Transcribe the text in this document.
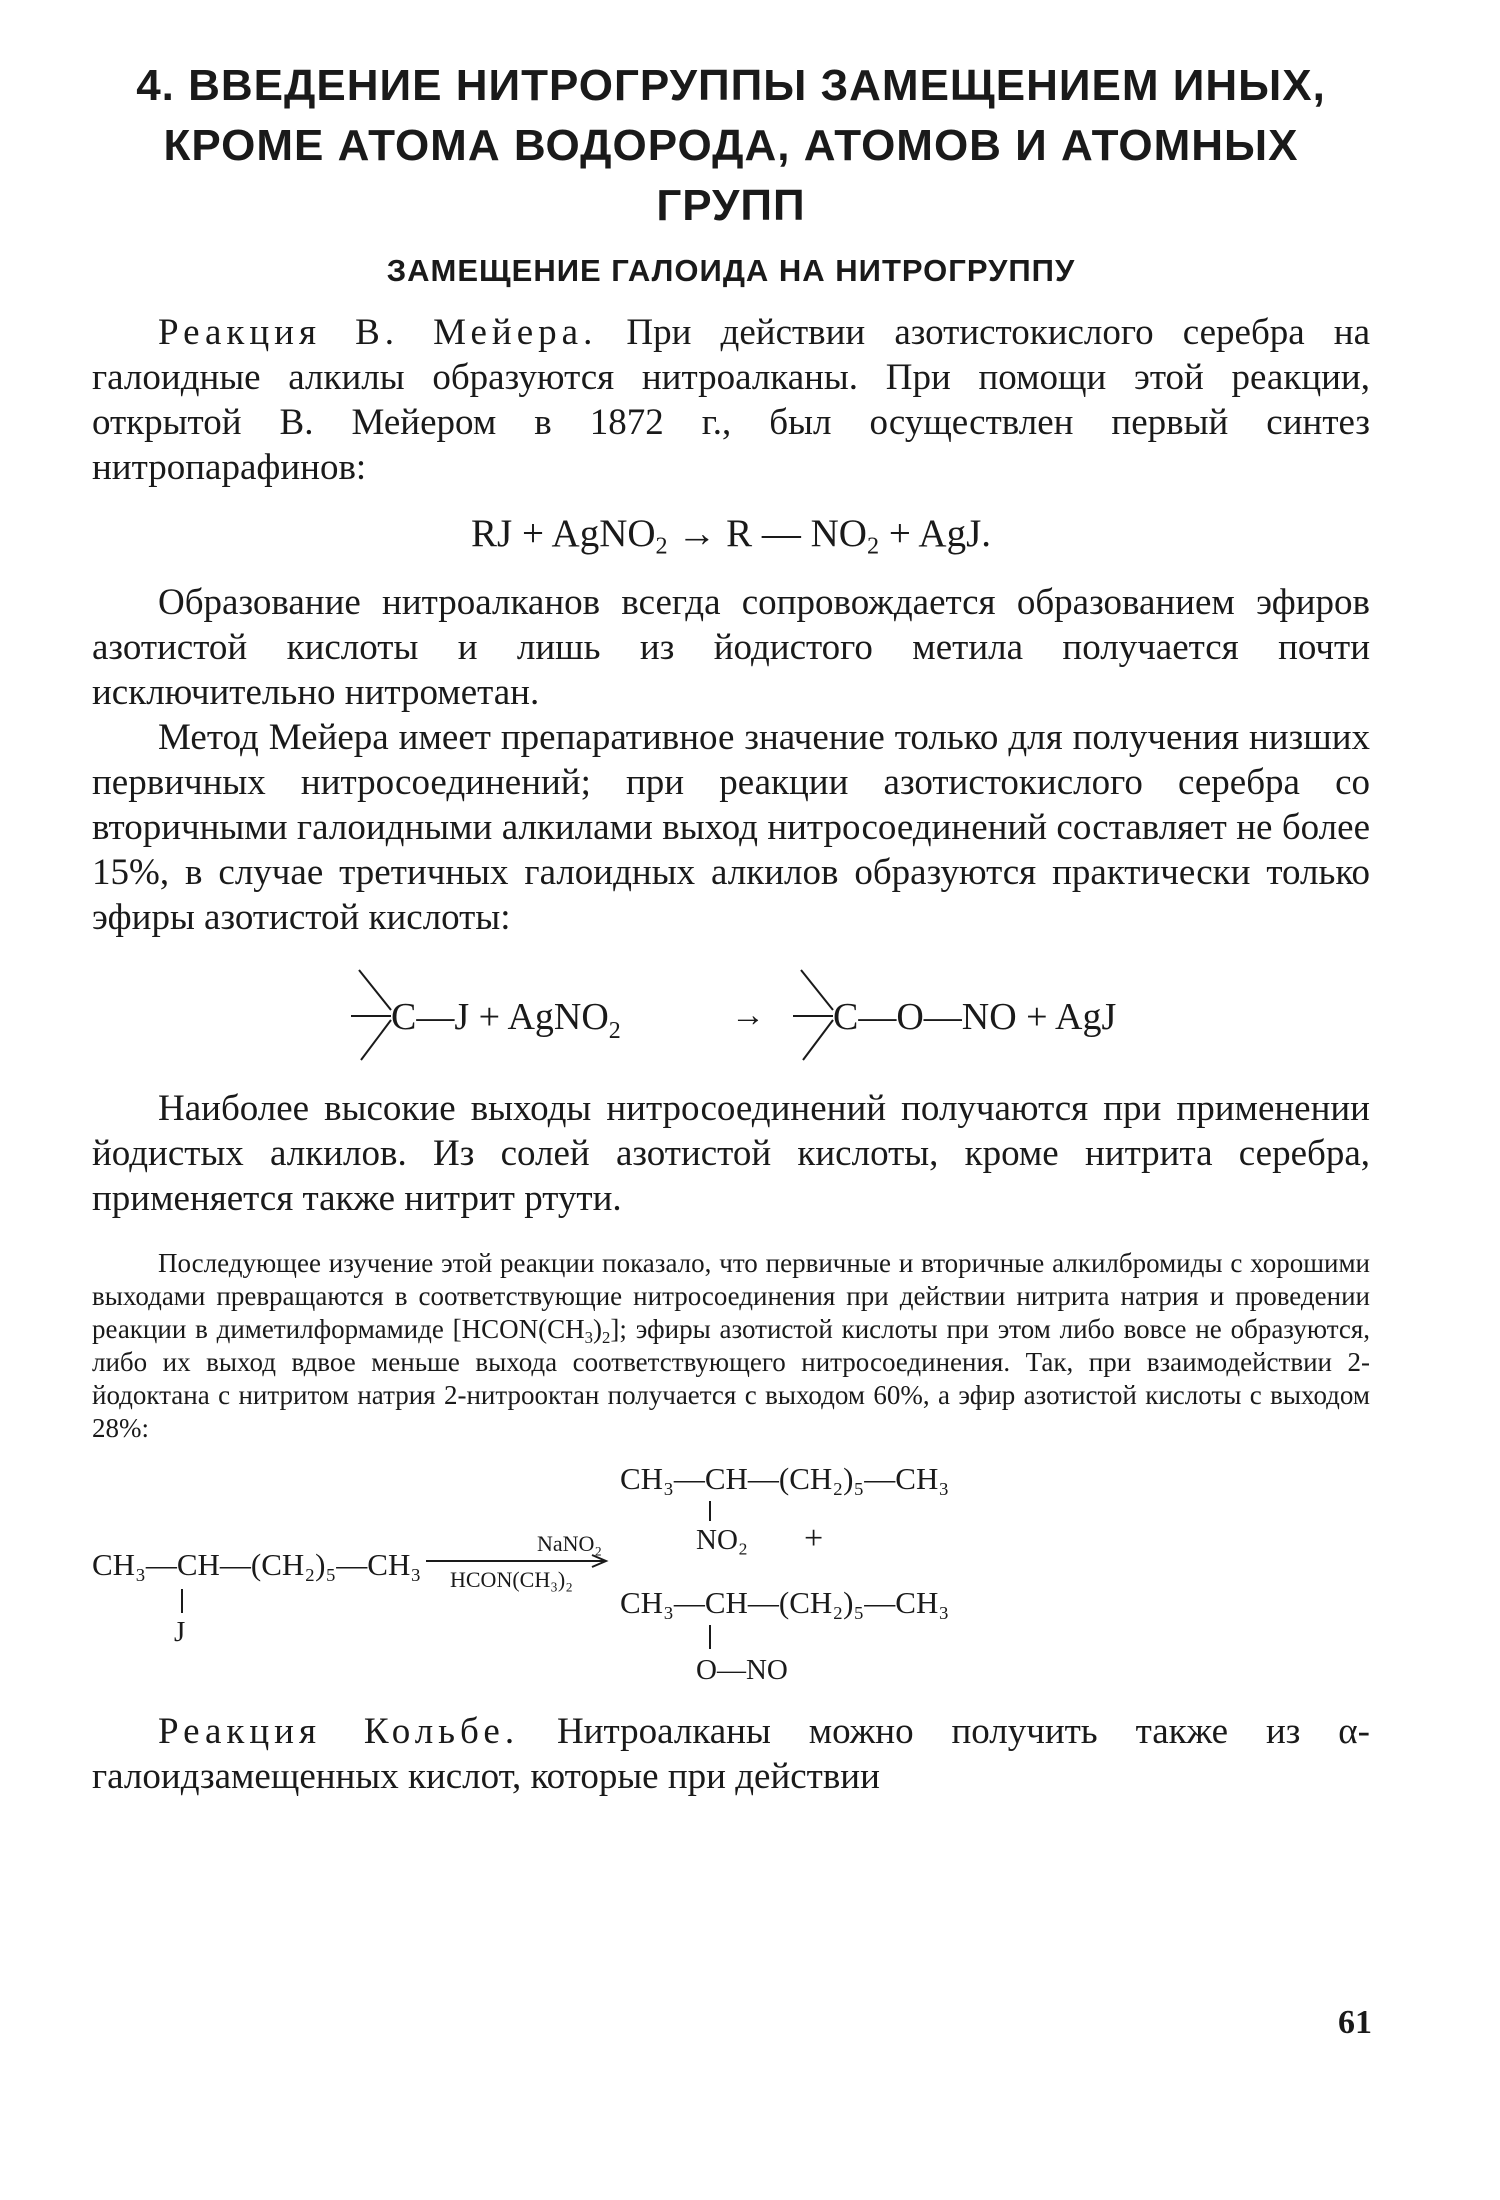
4. ВВЕДЕНИЕ НИТРОГРУППЫ ЗАМЕЩЕНИЕМ ИНЫХ,
КРОМЕ АТОМА ВОДОРОДА, АТОМОВ И АТОМНЫХ
ГРУПП
ЗАМЕЩЕНИЕ ГАЛОИДА НА НИТРОГРУППУ

Реакция В. Мейера. При действии азотистокислого серебра на галоидные алкилы образуются нитроалканы. При помощи этой реакции, открытой В. Мейером в 1872 г., был осуществлен первый синтез нитропарафинов:

RJ + AgNO$_2$ → R — $NO_2$ + AgJ.

Образование нитроалканов всегда сопровождается образованием эфиров азотистой кислоты и лишь из йодистого метила получается почти исключительно нитрометан.

Метод Мейера имеет препаративное значение только для получения низших первичных нитросоединений; при реакции азотистокислого серебра со вторичными галоидными алкилами выход нитросоединений составляет не более 15%, в случае третичных галоидных алкилов образуются практически только эфиры азотистой кислоты:

C—J + AgNO$_2$	→ C—O—NO + AgJ

Наиболее высокие выходы нитросоединений получаются при применении йодистых алкилов. Из солей азотистой кислоты, кроме нитрита серебра, применяется также нитрит ртути.

Последующее изучение этой реакции показало, что первичные и вторичные алкилбромиды с хорошими выходами превращаются в соответствующие нитросоединения при действии нитрита натрия и проведении реакции в диметилформамиде $[HCON(CH_3)_2]$; эфиры азотистой кислоты при этом либо вовсе не образуются, либо их выход вдвое меньше выхода соответствующего нитросоединения. Так, при взаимодействии 2-йодоктана с нитритом натрия 2-нитрооктан получается с выходом 60%, а эфир азотистой кислоты с выходом 28%:

CH₃—CH—(CH₂)₅—CH₃
J
NaNO₂
HCON(CH₃)₂
CH₃—CH—(CH₂)₅—CH₃
NO₂ +
CH₃—CH—(CH₂)₅—CH₃
O—NO

Реакция Кольбе. Нитроалканы можно получить также из α-галоидзамещенных кислот, которые при действии

61
